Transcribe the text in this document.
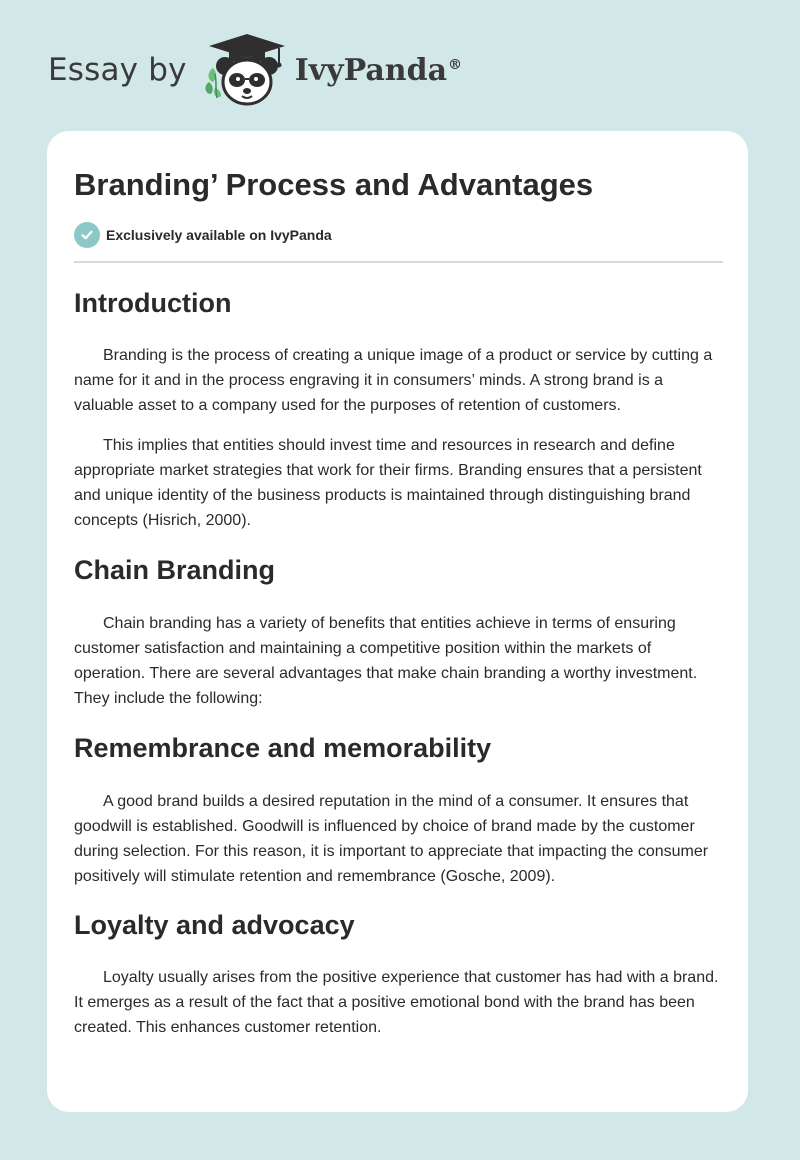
Essay by	IvyPanda®
Branding’ Process and Advantages
Exclusively available on IvyPanda
Introduction

Branding is the process of creating a unique image of a product or service by cutting a name for it and in the process engraving it in consumers’ minds. A strong brand is a valuable asset to a company used for the purposes of retention of customers.

This implies that entities should invest time and resources in research and define appropriate market strategies that work for their firms. Branding ensures that a persistent and unique identity of the business products is maintained through distinguishing brand concepts (Hisrich, 2000).

Chain Branding

Chain branding has a variety of benefits that entities achieve in terms of ensuring customer satisfaction and maintaining a competitive position within the markets of operation. There are several advantages that make chain branding a worthy investment. They include the following:

Remembrance and memorability

A good brand builds a desired reputation in the mind of a consumer. It ensures that goodwill is established. Goodwill is influenced by choice of brand made by the customer during selection. For this reason, it is important to appreciate that impacting the consumer positively will stimulate retention and remembrance (Gosche, 2009).

Loyalty and advocacy

Loyalty usually arises from the positive experience that customer has had with a brand. It emerges as a result of the fact that a positive emotional bond with the brand has been created. This enhances customer retention.
